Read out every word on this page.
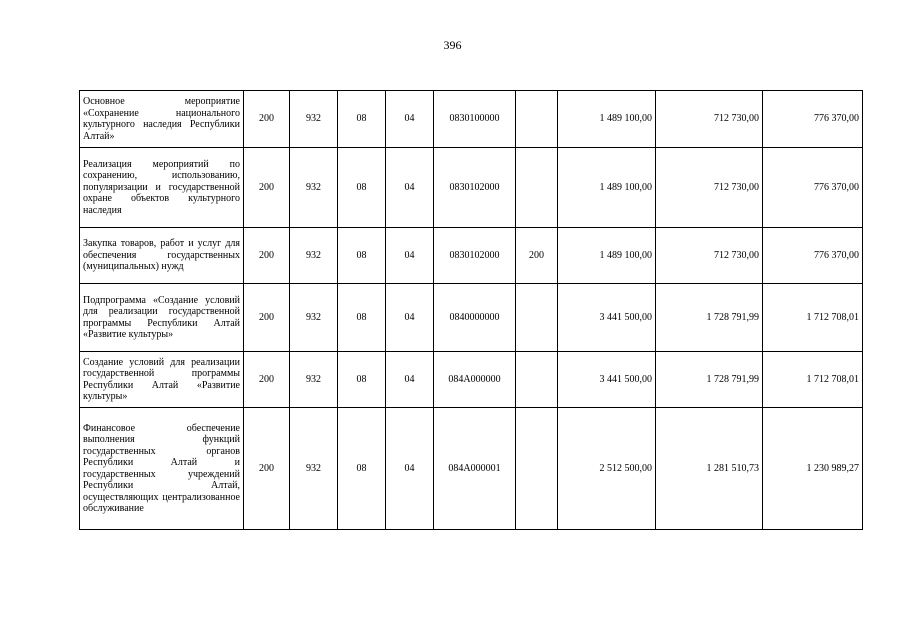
396
Основное мероприятие «Сохранение национального культурного наследия Республики Алтай»	200	932	08	04	0830100000		1 489 100,00	712 730,00	776 370,00
Реализация мероприятий по сохранению, использованию, популяризации и государственной охране объектов культурного наследия	200	932	08	04	0830102000		1 489 100,00	712 730,00	776 370,00
Закупка товаров, работ и услуг для обеспечения государственных (муниципальных) нужд	200	932	08	04	0830102000	200	1 489 100,00	712 730,00	776 370,00
Подпрограмма «Создание условий для реализации государственной программы Республики Алтай «Развитие культуры»	200	932	08	04	0840000000		3 441 500,00	1 728 791,99	1 712 708,01
Создание условий для реализации государственной программы Республики Алтай «Развитие культуры»	200	932	08	04	084A000000		3 441 500,00	1 728 791,99	1 712 708,01
Финансовое обеспечение выполнения функций государственных органов Республики Алтай и государственных учреждений Республики Алтай, осуществляющих централизованное обслуживание	200	932	08	04	084A000001		2 512 500,00	1 281 510,73	1 230 989,27
